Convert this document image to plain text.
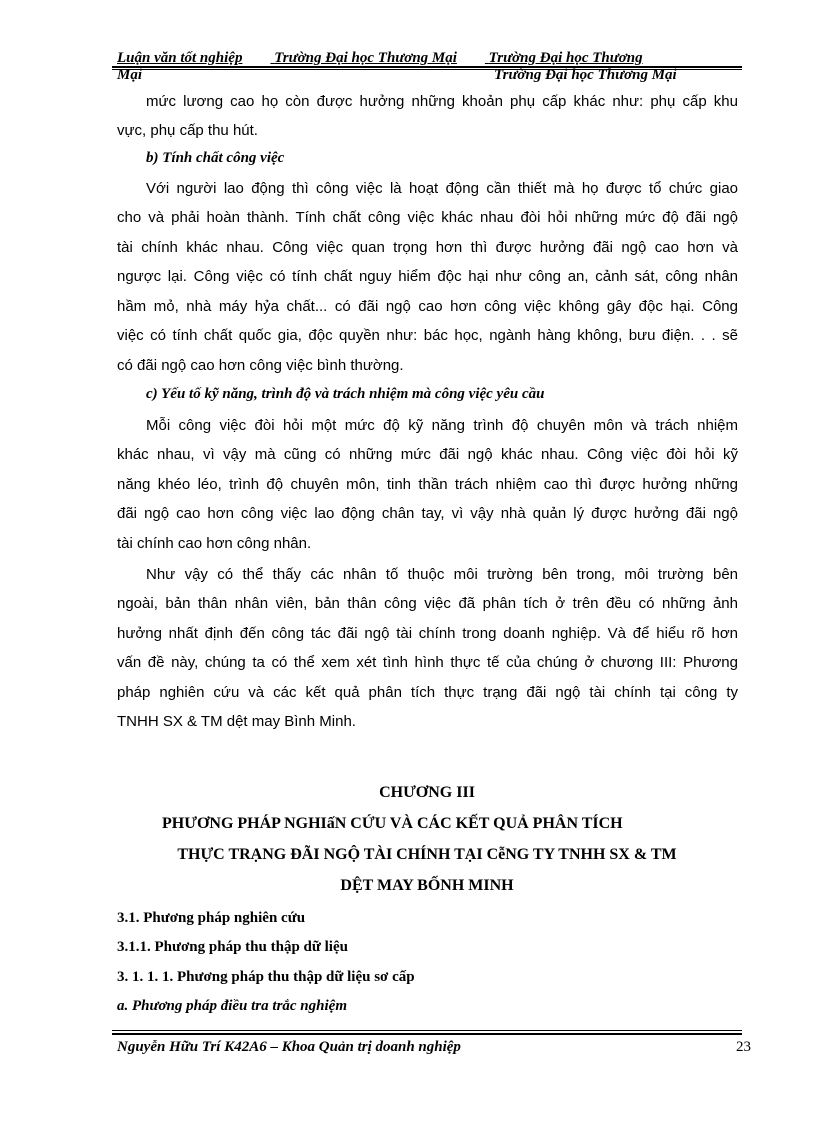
Luận văn tốt nghiệp Trường Đại học Thương Mại Trường Đại học Thương
Mại	Trường Đại học Thương Mại
mức lương cao họ còn được hưởng những khoản phụ cấp khác như: phụ cấp khu
vực, phụ cấp thu hút.
b) Tính chất công việc
Với người lao động thì công việc là hoạt động cần thiết mà họ được tổ chức giao
cho và phải hoàn thành. Tính chất công việc khác nhau đòi hỏi những mức độ đãi ngộ
tài chính khác nhau. Công việc quan trọng hơn thì được hưởng đãi ngộ cao hơn và
ngược lại. Công việc có tính chất nguy hiểm độc hại như công an, cảnh sát, công nhân
hầm mỏ, nhà máy hỷa chất... có đãi ngộ cao hơn công việc không gây độc hại. Công
việc có tính chất quốc gia, độc quyền như: bác học, ngành hàng không, bưu điện. . . sẽ
có đãi ngộ cao hơn công việc bình thường.
c) Yếu tố kỹ năng, trình độ và trách nhiệm mà công việc yêu cầu
Mỗi công việc đòi hỏi một mức độ kỹ năng trình độ chuyên môn và trách nhiệm
khác nhau, vì vậy mà cũng có những mức đãi ngộ khác nhau. Công việc đòi hỏi kỹ
năng khéo léo, trình độ chuyên môn, tinh thần trách nhiệm cao thì được hưởng những
đãi ngộ cao hơn công việc lao động chân tay, vì vậy nhà quản lý được hưởng đãi ngộ
tài chính cao hơn công nhân.
Như vậy có thể thấy các nhân tố thuộc môi trường bên trong, môi trường bên
ngoài, bản thân nhân viên, bản thân công việc đã phân tích ở trên đều có những ảnh
hưởng nhất định đến công tác đãi ngộ tài chính trong doanh nghiệp. Và để hiểu rõ hơn
vấn đề này, chúng ta có thể xem xét tình hình thực tế của chúng ở chương III: Phương
pháp nghiên cứu và các kết quả phân tích thực trạng đãi ngộ tài chính tại công ty
TNHH SX & TM dệt may Bình Minh.
CHƯƠNG III
PHƯƠNG PHÁP NGHIấN CỨU VÀ CÁC KẾT QUẢ PHÂN TÍCH
THỰC TRẠNG ĐÃI NGỘ TÀI CHÍNH TẠI CễNG TY TNHH SX & TM
DỆT MAY BỐNH MINH
3.1. Phương pháp nghiên cứu
3.1.1. Phương pháp thu thập dữ liệu
3. 1. 1. 1. Phương pháp thu thập dữ liệu sơ cấp
a. Phương pháp điều tra trắc nghiệm
Nguyễn Hữu Trí K42A6 – Khoa Quản trị doanh nghiệp	23
